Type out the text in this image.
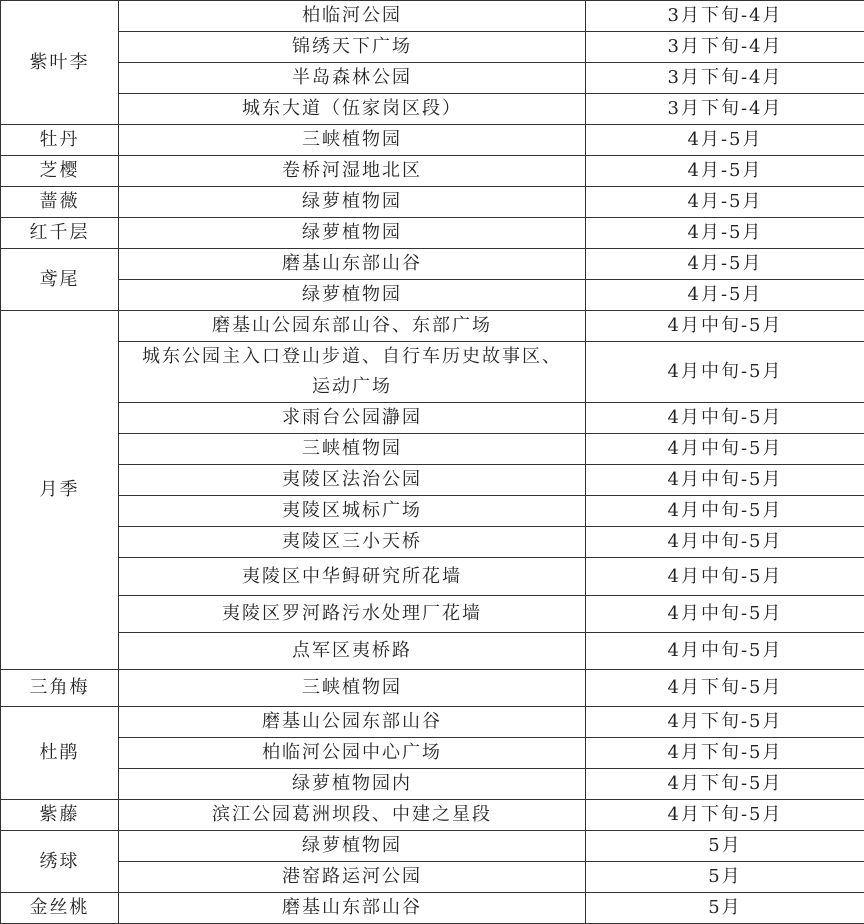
紫叶李	柏临河公园	3月下旬-4月
	锦绣天下广场	3月下旬-4月
	半岛森林公园	3月下旬-4月
	城东大道（伍家岗区段）	3月下旬-4月
牡丹	三峡植物园	4月-5月
芝樱	卷桥河湿地北区	4月-5月
蔷薇	绿萝植物园	4月-5月
红千层	绿萝植物园	4月-5月
鸢尾	磨基山东部山谷	4月-5月
	绿萝植物园	4月-5月
月季	磨基山公园东部山谷、东部广场	4月中旬-5月
	城东公园主入口登山步道、自行车历史故事区、运动广场	4月中旬-5月
	求雨台公园瀞园	4月中旬-5月
	三峡植物园	4月中旬-5月
	夷陵区法治公园	4月中旬-5月
	夷陵区城标广场	4月中旬-5月
	夷陵区三小天桥	4月中旬-5月
	夷陵区中华鲟研究所花墙	4月中旬-5月
	夷陵区罗河路污水处理厂花墙	4月中旬-5月
	点军区夷桥路	4月中旬-5月
三角梅	三峡植物园	4月下旬-5月
杜鹃	磨基山公园东部山谷	4月下旬-5月
	柏临河公园中心广场	4月下旬-5月
	绿萝植物园内	4月下旬-5月
紫藤	滨江公园葛洲坝段、中建之星段	4月下旬-5月
绣球	绿萝植物园	5月
	港窑路运河公园	5月
金丝桃	磨基山东部山谷	5月
